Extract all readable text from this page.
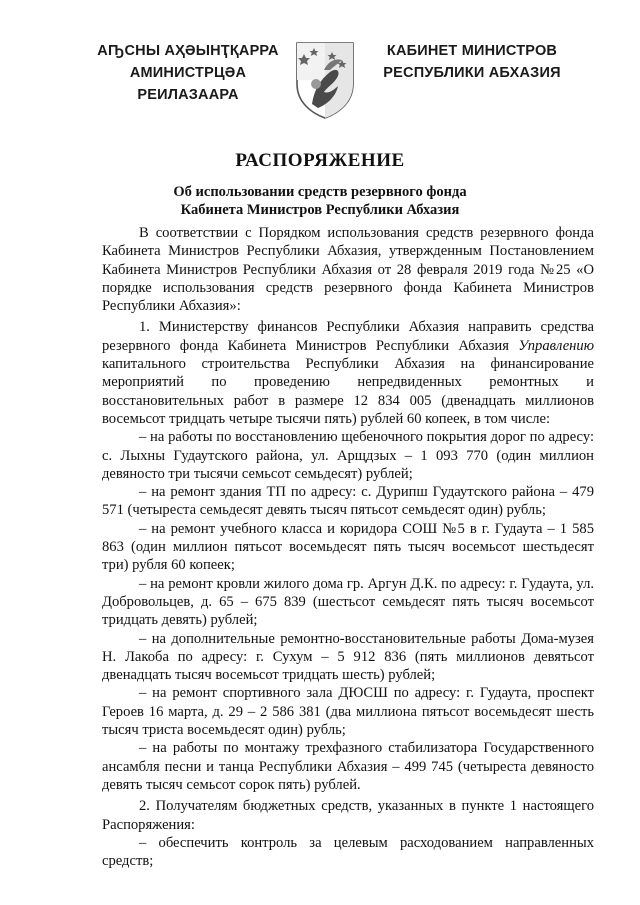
АҦСНЫ АҲӘЫНҬҚАРРА
АМИНИСТРЦӘА РЕИЛАЗААРА
КАБИНЕТ МИНИСТРОВ
РЕСПУБЛИКИ АБХАЗИЯ
РАСПОРЯЖЕНИЕ
Об использовании средств резервного фонда
Кабинета Министров Республики Абхазия

В соответствии с Порядком использования средств резервного фонда Кабинета Министров Республики Абхазия, утвержденным Постановлением Кабинета Министров Республики Абхазия от 28 февраля 2019 года №25 «О порядке использования средств резервного фонда Кабинета Министров Республики Абхазия»:

1. Министерству финансов Республики Абхазия направить средства резервного фонда Кабинета Министров Республики Абхазия Управлению капитального строительства Республики Абхазия на финансирование мероприятий по проведению непредвиденных ремонтных и восстановительных работ в размере 12 834 005 (двенадцать миллионов восемьсот тридцать четыре тысячи пять) рублей 60 копеек, в том числе:

– на работы по восстановлению щебеночного покрытия дорог по адресу: с. Лыхны Гудаутского района, ул. Арщдзых – 1 093 770 (один миллион девяносто три тысячи семьсот семьдесят) рублей;

– на ремонт здания ТП по адресу: с. Дурипш Гудаутского района – 479 571 (четыреста семьдесят девять тысяч пятьсот семьдесят один) рубль;

– на ремонт учебного класса и коридора СОШ №5 в г. Гудаута – 1 585 863 (один миллион пятьсот восемьдесят пять тысяч восемьсот шестьдесят три) рубля 60 копеек;

– на ремонт кровли жилого дома гр. Аргун Д.К. по адресу: г. Гудаута, ул. Добровольцев, д. 65 – 675 839 (шестьсот семьдесят пять тысяч восемьсот тридцать девять) рублей;

– на дополнительные ремонтно-восстановительные работы Дома-музея Н. Лакоба по адресу: г. Сухум – 5 912 836 (пять миллионов девятьсот двенадцать тысяч восемьсот тридцать шесть) рублей;

– на ремонт спортивного зала ДЮСШ по адресу: г. Гудаута, проспект Героев 16 марта, д. 29 – 2 586 381 (два миллиона пятьсот восемьдесят шесть тысяч триста восемьдесят один) рубль;

– на работы по монтажу трехфазного стабилизатора Государственного ансамбля песни и танца Республики Абхазия – 499 745 (четыреста девяносто девять тысяч семьсот сорок пять) рублей.

2. Получателям бюджетных средств, указанных в пункте 1 настоящего Распоряжения:

– обеспечить контроль за целевым расходованием направленных средств;
